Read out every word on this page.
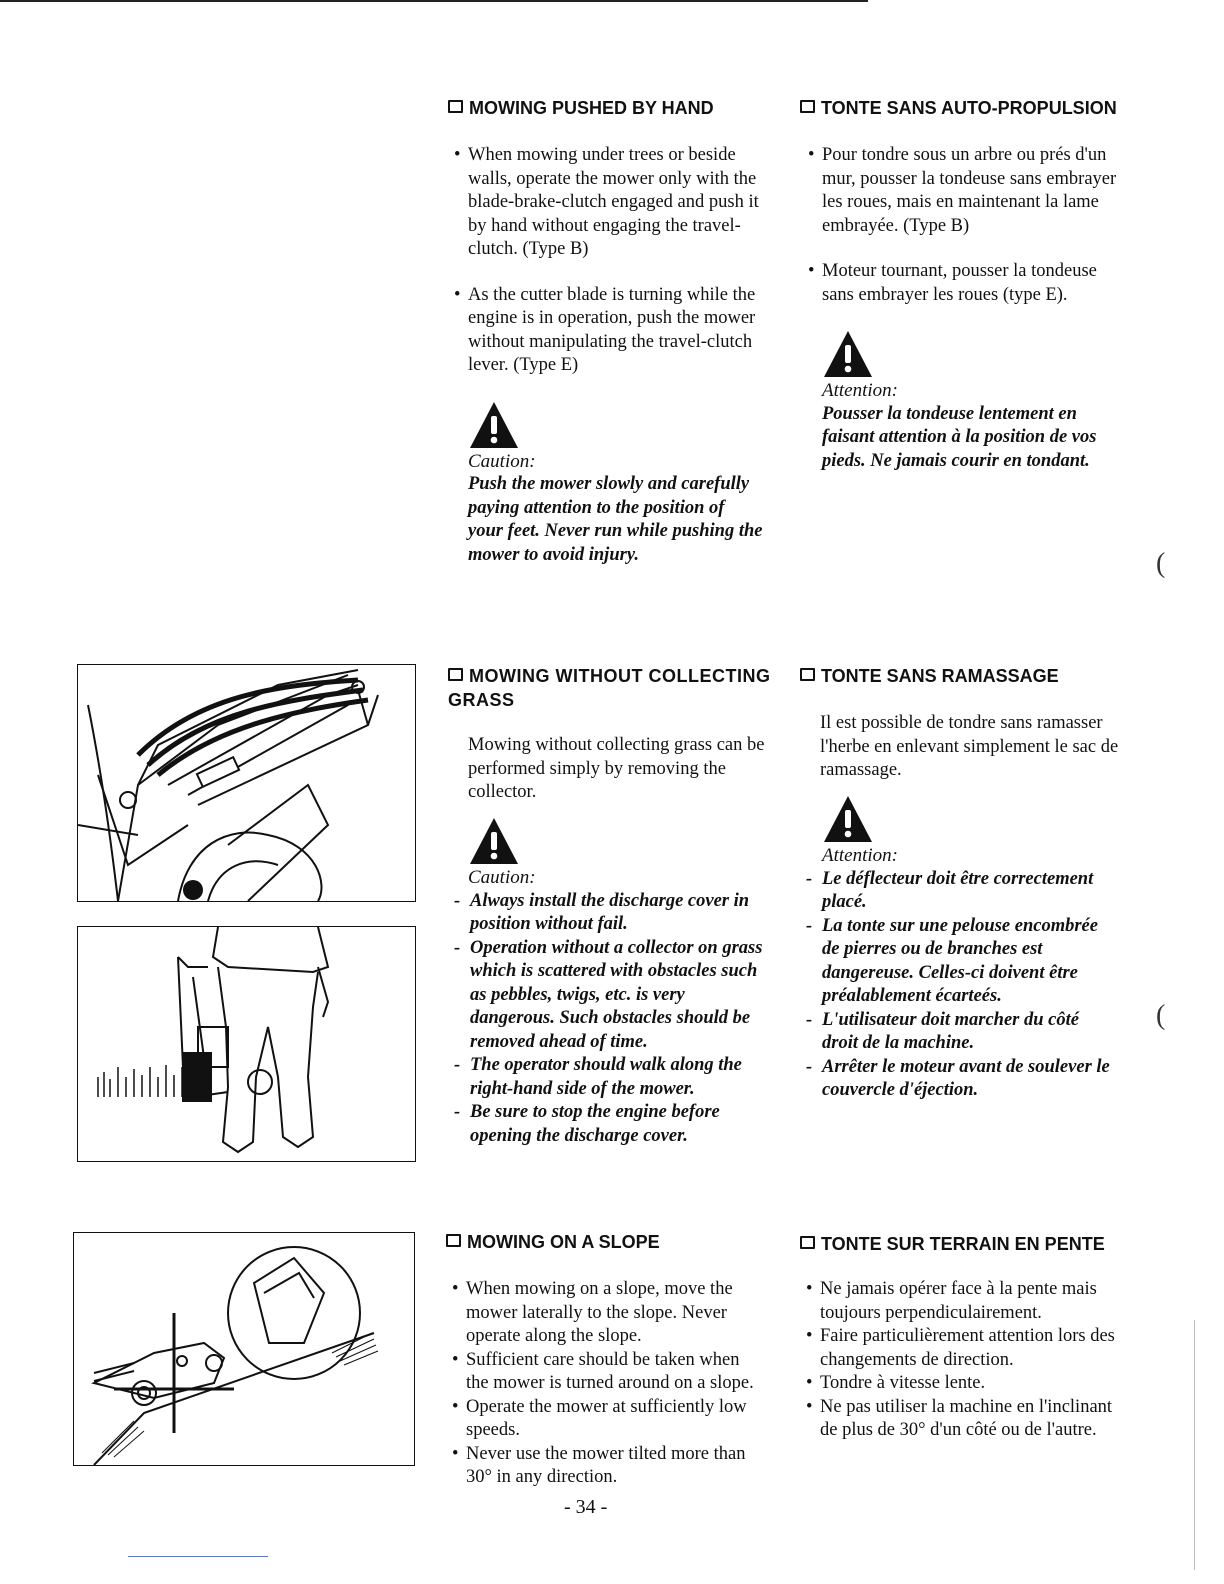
(
(
MOWING PUSHED BY HAND	TONTE SANS AUTO-PROPULSION
• When mowing under trees or beside walls, operate the mower only with the blade-brake-clutch engaged and push it by hand without engaging the travel-clutch. (Type B)
• As the cutter blade is turning while the engine is in operation, push the mower without manipulating the travel-clutch lever. (Type E)
Caution:
Push the mower slowly and carefully paying attention to the position of your feet. Never run while pushing the mower to avoid injury.
• Pour tondre sous un arbre ou prés d'un mur, pousser la tondeuse sans embrayer les roues, mais en maintenant la lame embrayée. (Type B)
• Moteur tournant, pousser la tondeuse sans embrayer les roues (type E).
Attention:
Pousser la tondeuse lentement en faisant attention à la position de vos pieds. Ne jamais courir en tondant.
MOWING WITHOUT COLLECTING GRASS
TONTE SANS RAMASSAGE

Mowing without collecting grass can be performed simply by removing the collector.

Caution:
- Always install the discharge cover in position without fail.
- Operation without a collector on grass which is scattered with obstacles such as pebbles, twigs, etc. is very dangerous. Such obstacles should be removed ahead of time.
- The operator should walk along the right-hand side of the mower.
- Be sure to stop the engine before opening the discharge cover.

Il est possible de tondre sans ramasser l'herbe en enlevant simplement le sac de ramassage.

Attention:
- Le déflecteur doit être correctement placé.
- La tonte sur une pelouse encombrée de pierres ou de branches est dangereuse. Celles-ci doivent être préalablement écarteés.
- L'utilisateur doit marcher du côté droit de la machine.
- Arrêter le moteur avant de soulever le couvercle d'éjection.
MOWING ON A SLOPE	TONTE SUR TERRAIN EN PENTE
• When mowing on a slope, move the mower laterally to the slope. Never operate along the slope.
• Sufficient care should be taken when the mower is turned around on a slope.
• Operate the mower at sufficiently low speeds.
• Never use the mower tilted more than 30° in any direction.
• Ne jamais opérer face à la pente mais toujours perpendiculairement.
• Faire particulièrement attention lors des changements de direction.
• Tondre à vitesse lente.
• Ne pas utiliser la machine en l'inclinant de plus de 30° d'un côté ou de l'autre.
- 34 -
